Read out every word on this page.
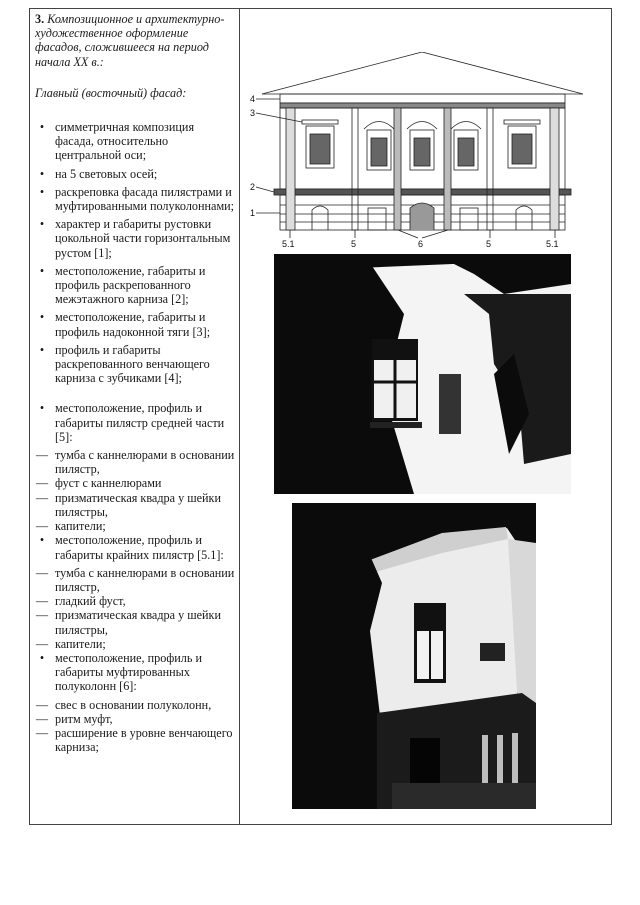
3. Композиционное и архитектурно-художественное оформление фасадов, сложившееся на период начала XX в.:

Главный (восточный) фасад:

• симметричная композиция фасада, относительно центральной оси;
• на 5 световых осей;
• раскреповка фасада пилястрами и муфтированными полуколоннами;
• характер и габариты рустовки цокольной части горизонтальным рустом [1];
• местоположение, габариты и профиль раскрепованного межэтажного карниза [2];
• местоположение, габариты и профиль надоконной тяги [3];
• профиль и габариты раскрепованного венчающего карниза с зубчиками [4];
• местоположение, профиль и габариты пилястр средней части [5]:
— тумба с каннелюрами в основании пилястр,
— фуст с каннелюрами
— призматическая квадра у шейки пилястры,
— капители;
• местоположение, профиль и габариты крайних пилястр [5.1]:
— тумба с каннелюрами в основании пилястр,
— гладкий фуст,
— призматическая квадра у шейки пилястры,
— капители;
• местоположение, профиль и габариты муфтированных полуколонн [6]:
— свес в основании полуколонн,
— ритм муфт,
— расширение в уровне венчающего карниза;
4
3
2
1
5.1	5	6	5	5.1
